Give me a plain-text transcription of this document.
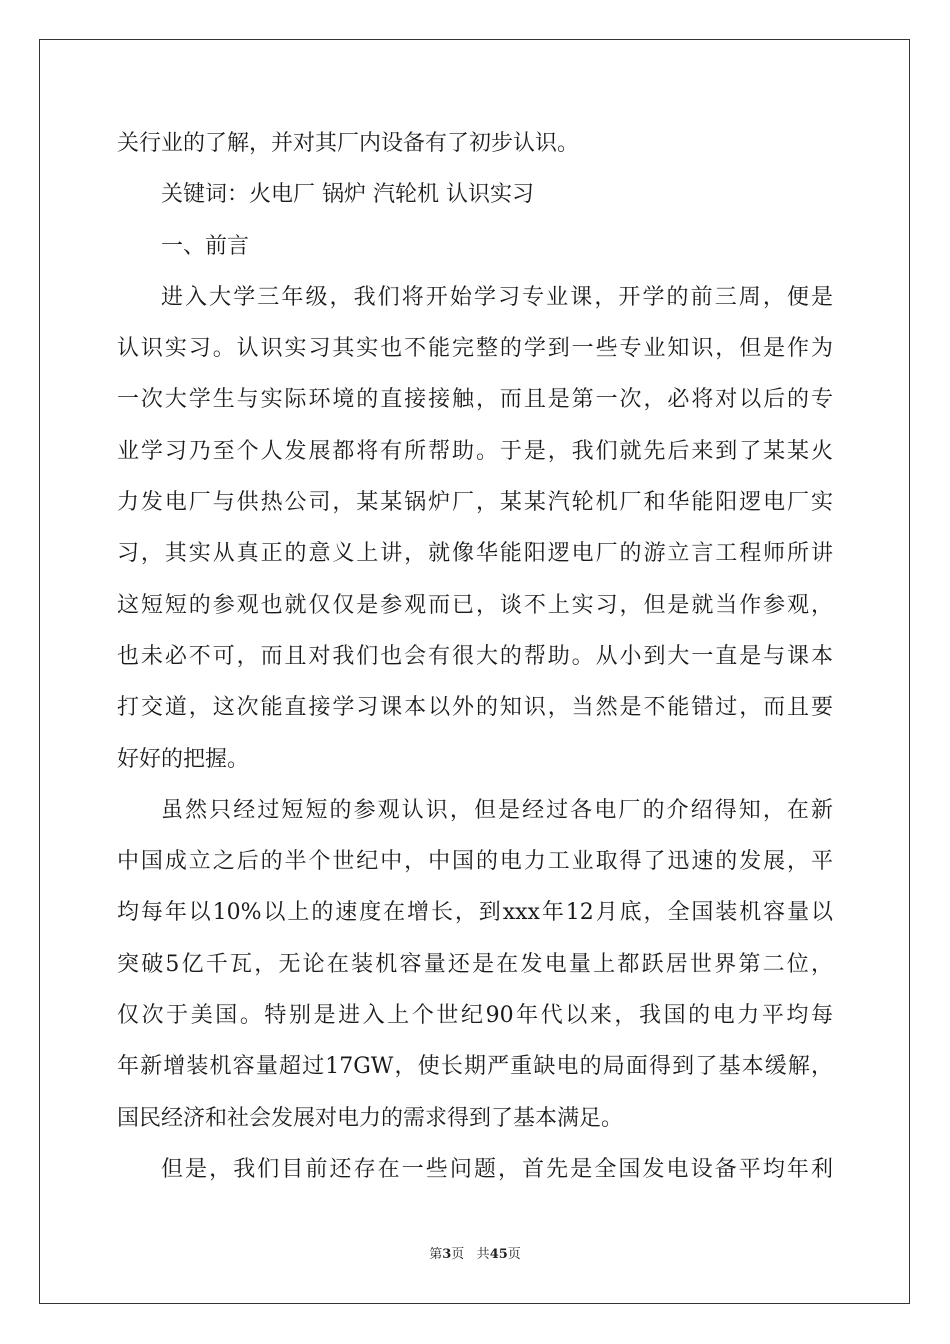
关行业的了解，并对其厂内设备有了初步认识。
关键词：火电厂 锅炉 汽轮机 认识实习
一、前言
进入大学三年级，我们将开始学习专业课，开学的前三周，便是
认识实习。认识实习其实也不能完整的学到一些专业知识，但是作为
一次大学生与实际环境的直接接触，而且是第一次，必将对以后的专
业学习乃至个人发展都将有所帮助。于是，我们就先后来到了某某火
力发电厂与供热公司，某某锅炉厂，某某汽轮机厂和华能阳逻电厂实
习，其实从真正的意义上讲，就像华能阳逻电厂的游立言工程师所讲
这短短的参观也就仅仅是参观而已，谈不上实习，但是就当作参观，
也未必不可，而且对我们也会有很大的帮助。从小到大一直是与课本
打交道，这次能直接学习课本以外的知识，当然是不能错过，而且要
好好的把握。
虽然只经过短短的参观认识，但是经过各电厂的介绍得知，在新
中国成立之后的半个世纪中，中国的电力工业取得了迅速的发展，平
均每年以10%以上的速度在增长，到xxx年12月底，全国装机容量以
突破5亿千瓦，无论在装机容量还是在发电量上都跃居世界第二位，
仅次于美国。特别是进入上个世纪90年代以来，我国的电力平均每
年新增装机容量超过17GW，使长期严重缺电的局面得到了基本缓解，
国民经济和社会发展对电力的需求得到了基本满足。
但是，我们目前还存在一些问题，首先是全国发电设备平均年利
第3页 共45页
